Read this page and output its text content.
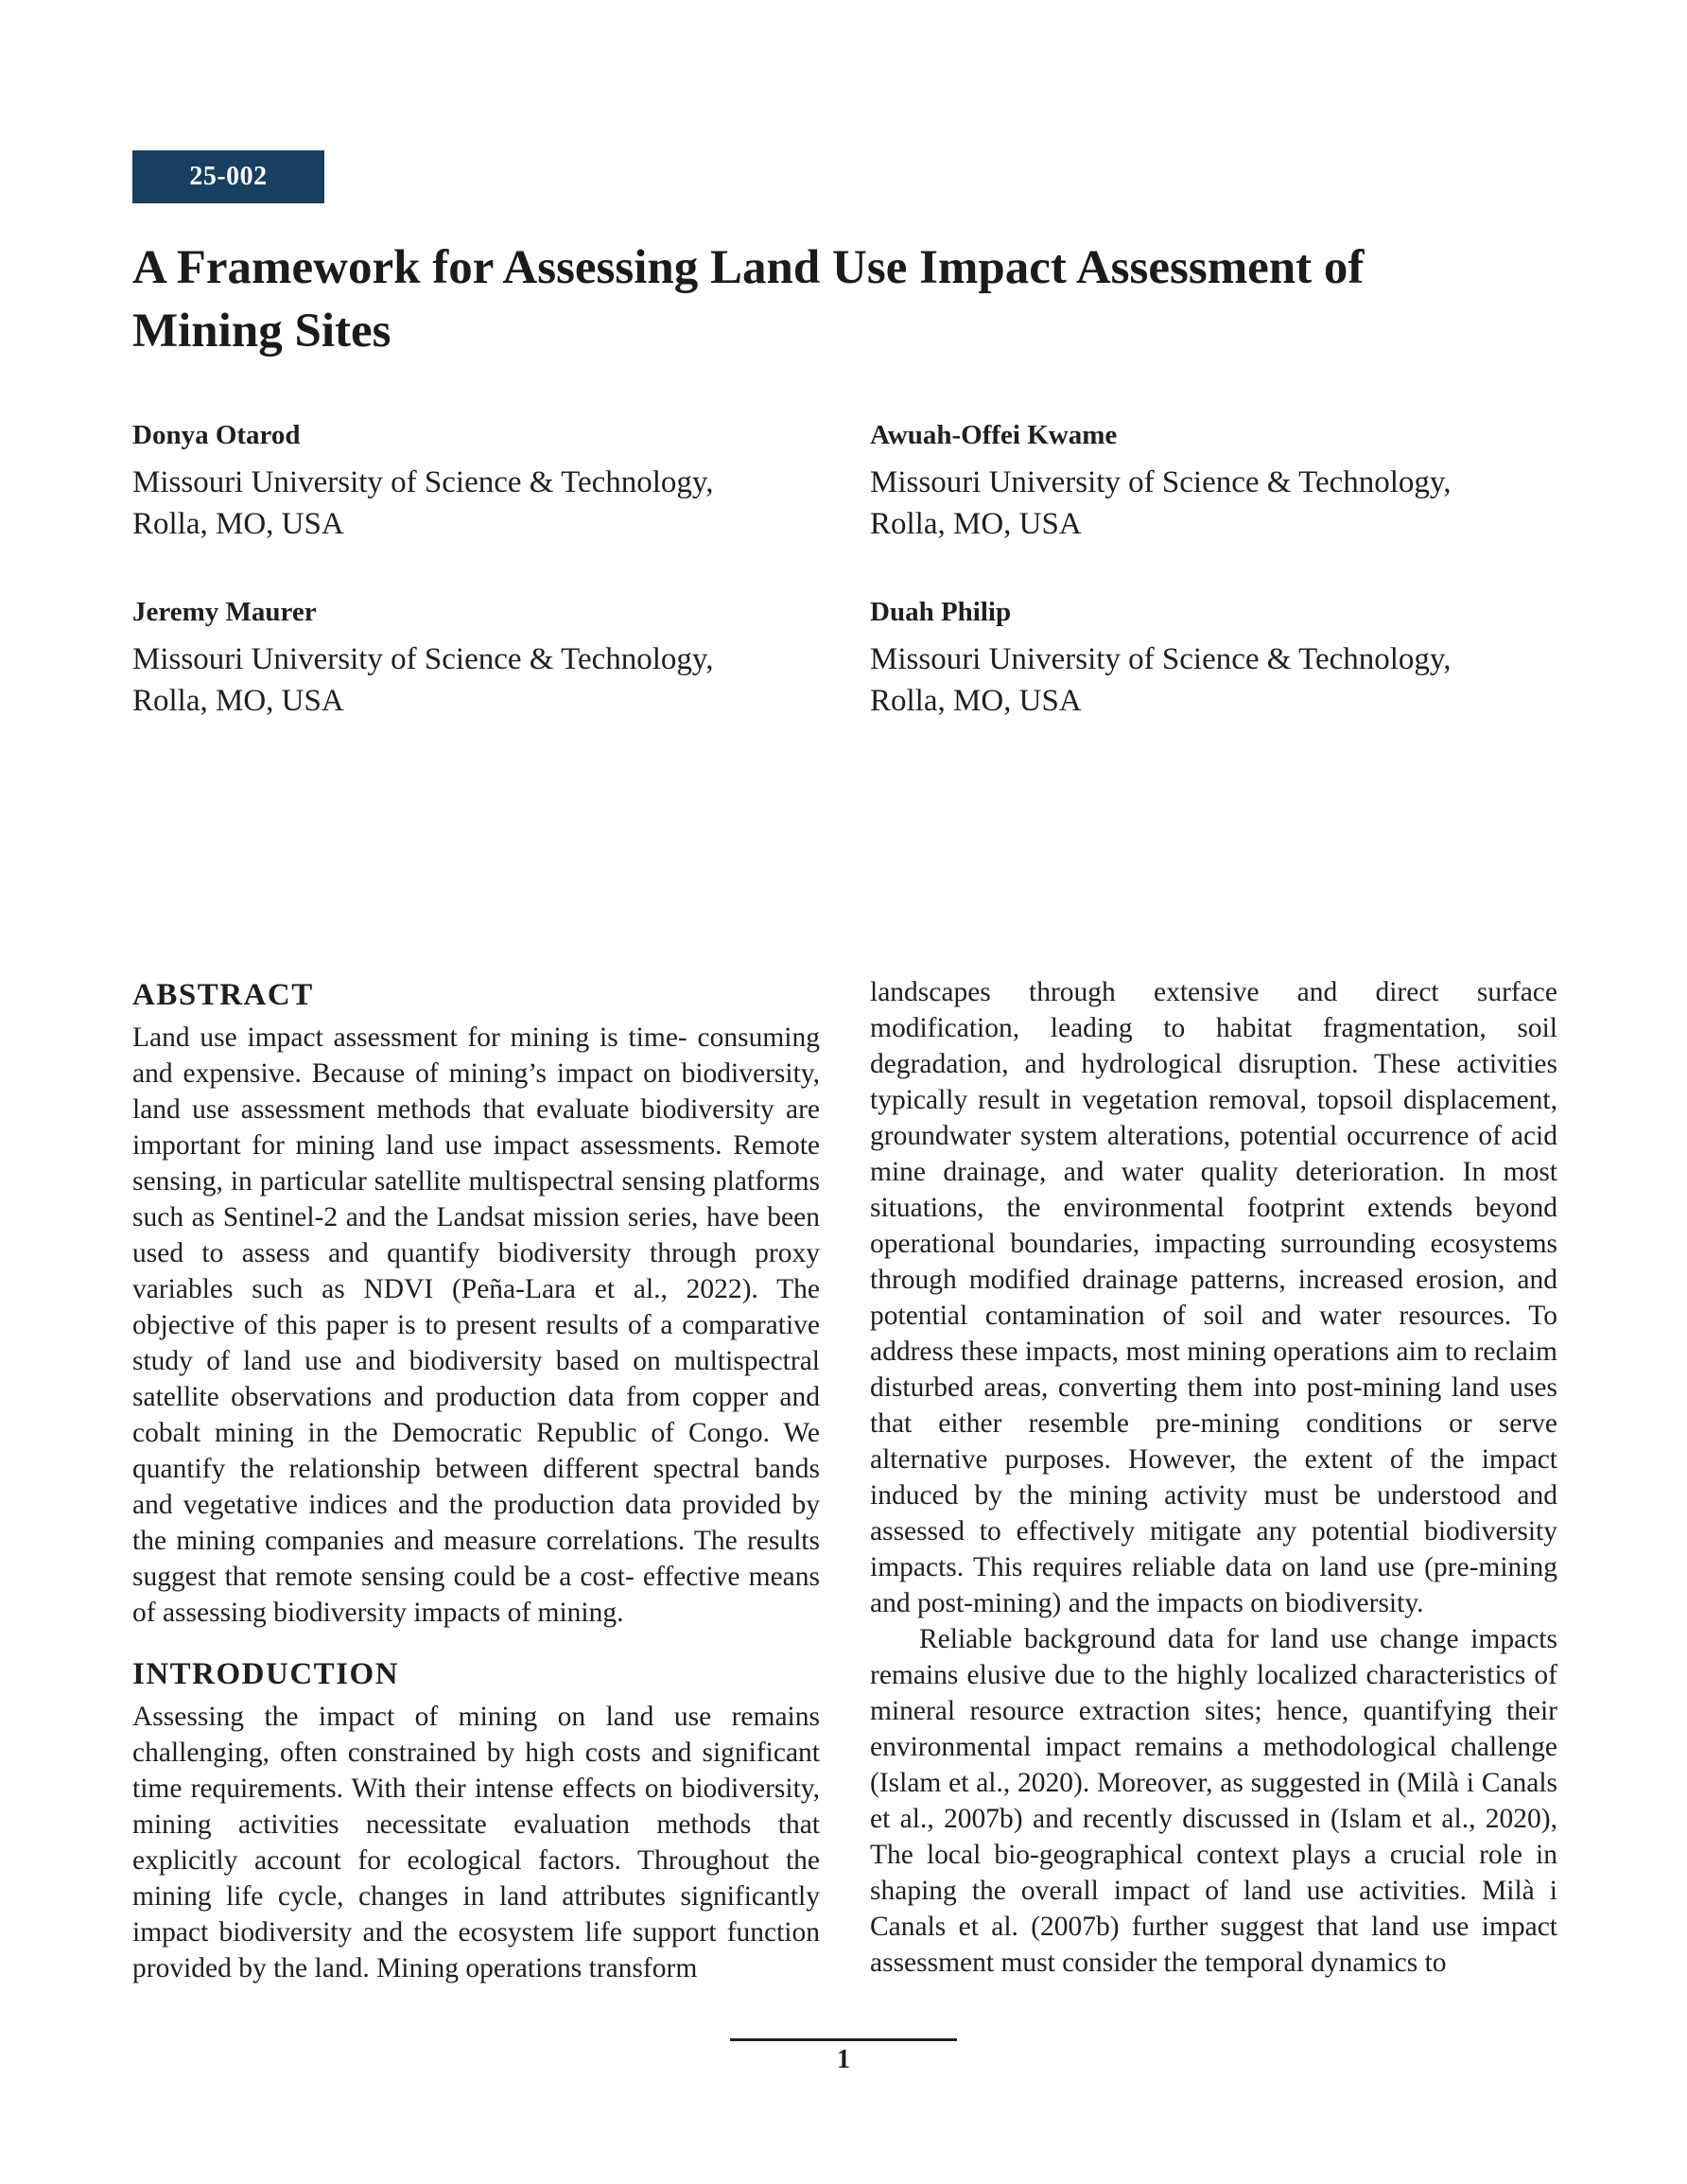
25-002
A Framework for Assessing Land Use Impact Assessment of Mining Sites

Donya Otarod

Missouri University of Science & Technology,
Rolla, MO, USA

Awuah-Offei Kwame

Missouri University of Science & Technology,
Rolla, MO, USA

Jeremy Maurer

Missouri University of Science & Technology,
Rolla, MO, USA

Duah Philip

Missouri University of Science & Technology,
Rolla, MO, USA

ABSTRACT

Land use impact assessment for mining is time- consuming and expensive. Because of mining’s impact on biodiversity, land use assessment methods that evaluate biodiversity are important for mining land use impact assessments. Remote sensing, in particular satellite multispectral sensing platforms such as Sentinel-2 and the Landsat mission series, have been used to assess and quantify biodiversity through proxy variables such as NDVI (Peña-Lara et al., 2022). The objective of this paper is to present results of a comparative study of land use and biodiversity based on multispectral satellite observations and production data from copper and cobalt mining in the Democratic Republic of Congo. We quantify the relationship between different spectral bands and vegetative indices and the production data provided by the mining companies and measure correlations. The results suggest that remote sensing could be a cost- effective means of assessing biodiversity impacts of mining.

INTRODUCTION

Assessing the impact of mining on land use remains challenging, often constrained by high costs and significant time requirements. With their intense effects on biodiversity, mining activities necessitate evaluation methods that explicitly account for ecological factors. Throughout the mining life cycle, changes in land attributes significantly impact biodiversity and the ecosystem life support function provided by the land. Mining operations transform

landscapes through extensive and direct surface modification, leading to habitat fragmentation, soil degradation, and hydrological disruption. These activities typically result in vegetation removal, topsoil displacement, groundwater system alterations, potential occurrence of acid mine drainage, and water quality deterioration. In most situations, the environmental footprint extends beyond operational boundaries, impacting surrounding ecosystems through modified drainage patterns, increased erosion, and potential contamination of soil and water resources. To address these impacts, most mining operations aim to reclaim disturbed areas, converting them into post-mining land uses that either resemble pre-mining conditions or serve alternative purposes. However, the extent of the impact induced by the mining activity must be understood and assessed to effectively mitigate any potential biodiversity impacts. This requires reliable data on land use (pre-mining and post-mining) and the impacts on biodiversity.

Reliable background data for land use change impacts remains elusive due to the highly localized characteristics of mineral resource extraction sites; hence, quantifying their environmental impact remains a methodological challenge (Islam et al., 2020). Moreover, as suggested in (Milà i Canals et al., 2007b) and recently discussed in (Islam et al., 2020), The local bio-geographical context plays a crucial role in shaping the overall impact of land use activities. Milà i Canals et al. (2007b) further suggest that land use impact assessment must consider the temporal dynamics to

1
